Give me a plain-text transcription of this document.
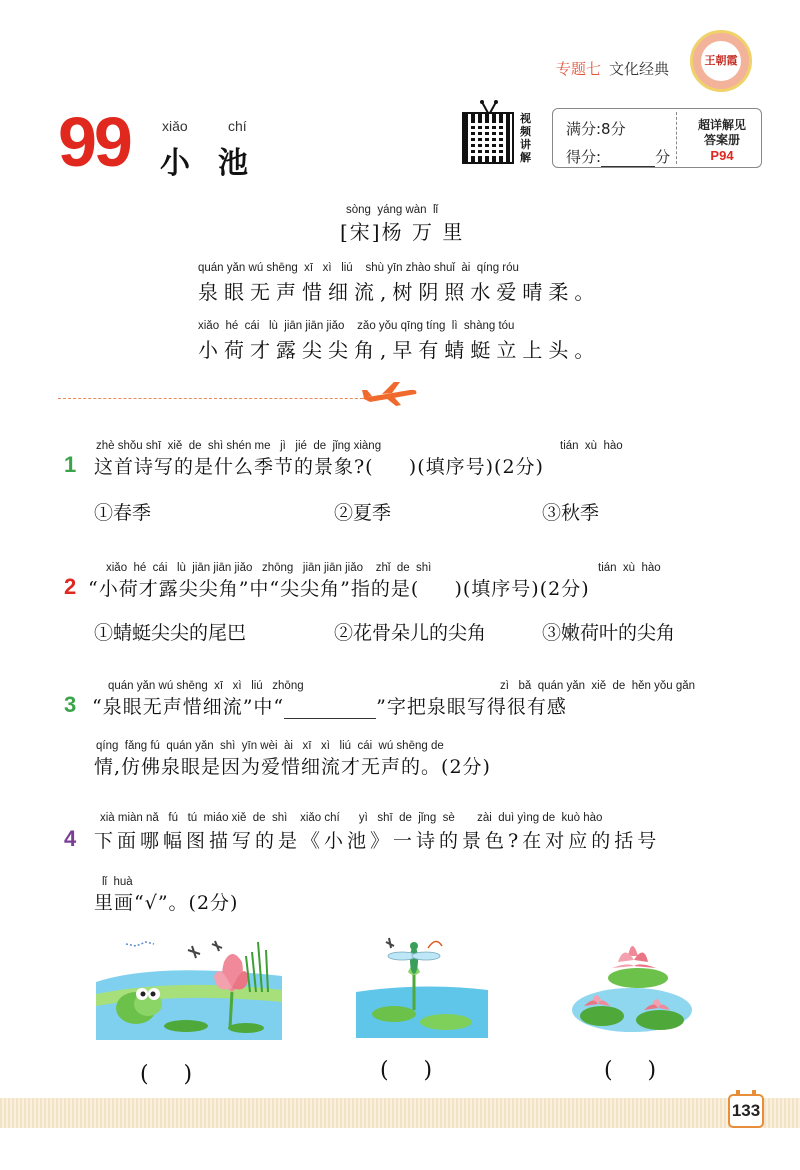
专题七 文化经典	王朝霞
99 xiǎo	chí
小 池
视频讲解
满分:8分
得分:	分
超详解见
答案册
P94
sòng  yáng wàn  lǐ
[宋]杨 万 里
quán yǎn wú shēng  xī   xì   liú    shù yīn zhào shuǐ  ài  qíng róu
泉眼无声惜细流,树阴照水爱晴柔。
xiǎo  hé  cái   lù  jiān jiān jiǎo    zǎo yǒu qīng tíng  lì  shàng tóu
小荷才露尖尖角,早有蜻蜓立上头。
zhè shǒu shī  xiě  de  shì shén me   jì   jié  de  jǐng xiàng	tián  xù  hào
1 这首诗写的是什么季节的景象?(     )(填序号)(2分)
①春季	②夏季	③秋季
xiǎo  hé  cái   lù  jiān jiān jiǎo   zhōng   jiān jiān jiǎo    zhǐ  de  shì	tián  xù  hào
2 “小荷才露尖尖角”中“尖尖角”指的是(     )(填序号)(2分)
①蜻蜓尖尖的尾巴	②花骨朵儿的尖角	③嫩荷叶的尖角
quán yǎn wú shēng  xī   xì   liú   zhōng	zì   bǎ  quán yǎn  xiě  de  hěn yǒu gǎn
3 “泉眼无声惜细流”中“	”字把泉眼写得很有感
qíng  fǎng fú  quán yǎn  shì  yīn wèi  ài   xī   xì   liú  cái  wú shēng de
情,仿佛泉眼是因为爱惜细流才无声的。(2分)
xià miàn nǎ   fú   tú  miáo xiě  de  shì    xiǎo chí      yì   shī  de  jǐng  sè       zài  duì yìng de  kuò hào
4 下面哪幅图描写的是《小池》一诗的景色?在对应的括号
lǐ  huà
里画“√”。(2分)
(     )	(     )	(     )
133
